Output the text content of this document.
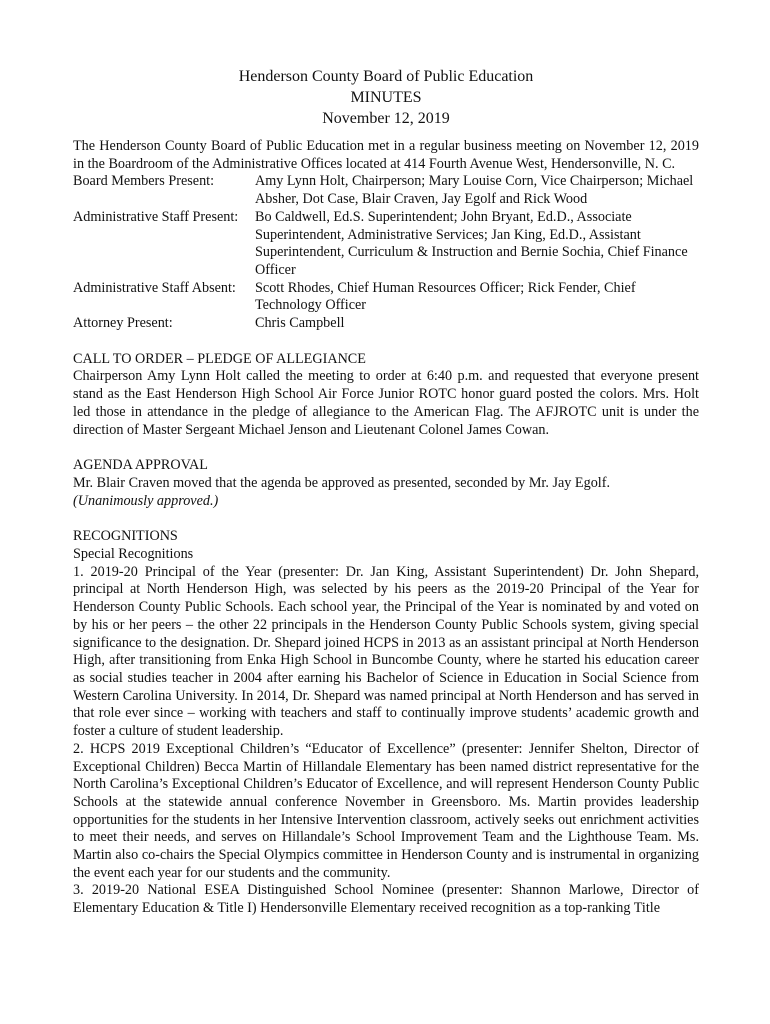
Henderson County Board of Public Education
MINUTES
November 12, 2019

The Henderson County Board of Public Education met in a regular business meeting on November 12, 2019 in the Boardroom of the Administrative Offices located at 414 Fourth Avenue West, Hendersonville, N. C.

Board Members Present:	Amy Lynn Holt, Chairperson; Mary Louise Corn, Vice Chairperson; Michael Absher, Dot Case, Blair Craven, Jay Egolf and Rick Wood
Administrative Staff Present:	Bo Caldwell, Ed.S. Superintendent; John Bryant, Ed.D., Associate Superintendent, Administrative Services; Jan King, Ed.D., Assistant Superintendent, Curriculum & Instruction and Bernie Sochia, Chief Finance Officer
Administrative Staff Absent:	Scott Rhodes, Chief Human Resources Officer; Rick Fender, Chief Technology Officer
Attorney Present:	Chris Campbell

CALL TO ORDER – PLEDGE OF ALLEGIANCE

Chairperson Amy Lynn Holt called the meeting to order at 6:40 p.m. and requested that everyone present stand as the East Henderson High School Air Force Junior ROTC honor guard posted the colors. Mrs. Holt led those in attendance in the pledge of allegiance to the American Flag. The AFJROTC unit is under the direction of Master Sergeant Michael Jenson and Lieutenant Colonel James Cowan.

AGENDA APPROVAL

Mr. Blair Craven moved that the agenda be approved as presented, seconded by Mr. Jay Egolf.

(Unanimously approved.)

RECOGNITIONS

Special Recognitions

1. 2019-20 Principal of the Year (presenter: Dr. Jan King, Assistant Superintendent) Dr. John Shepard, principal at North Henderson High, was selected by his peers as the 2019-20 Principal of the Year for Henderson County Public Schools. Each school year, the Principal of the Year is nominated by and voted on by his or her peers – the other 22 principals in the Henderson County Public Schools system, giving special significance to the designation. Dr. Shepard joined HCPS in 2013 as an assistant principal at North Henderson High, after transitioning from Enka High School in Buncombe County, where he started his education career as social studies teacher in 2004 after earning his Bachelor of Science in Education in Social Science from Western Carolina University. In 2014, Dr. Shepard was named principal at North Henderson and has served in that role ever since – working with teachers and staff to continually improve students’ academic growth and foster a culture of student leadership.

2. HCPS 2019 Exceptional Children’s “Educator of Excellence” (presenter: Jennifer Shelton, Director of Exceptional Children) Becca Martin of Hillandale Elementary has been named district representative for the North Carolina’s Exceptional Children’s Educator of Excellence, and will represent Henderson County Public Schools at the statewide annual conference November in Greensboro. Ms. Martin provides leadership opportunities for the students in her Intensive Intervention classroom, actively seeks out enrichment activities to meet their needs, and serves on Hillandale’s School Improvement Team and the Lighthouse Team. Ms. Martin also co-chairs the Special Olympics committee in Henderson County and is instrumental in organizing the event each year for our students and the community.

3. 2019-20 National ESEA Distinguished School Nominee (presenter: Shannon Marlowe, Director of Elementary Education & Title I) Hendersonville Elementary received recognition as a top-ranking Title
